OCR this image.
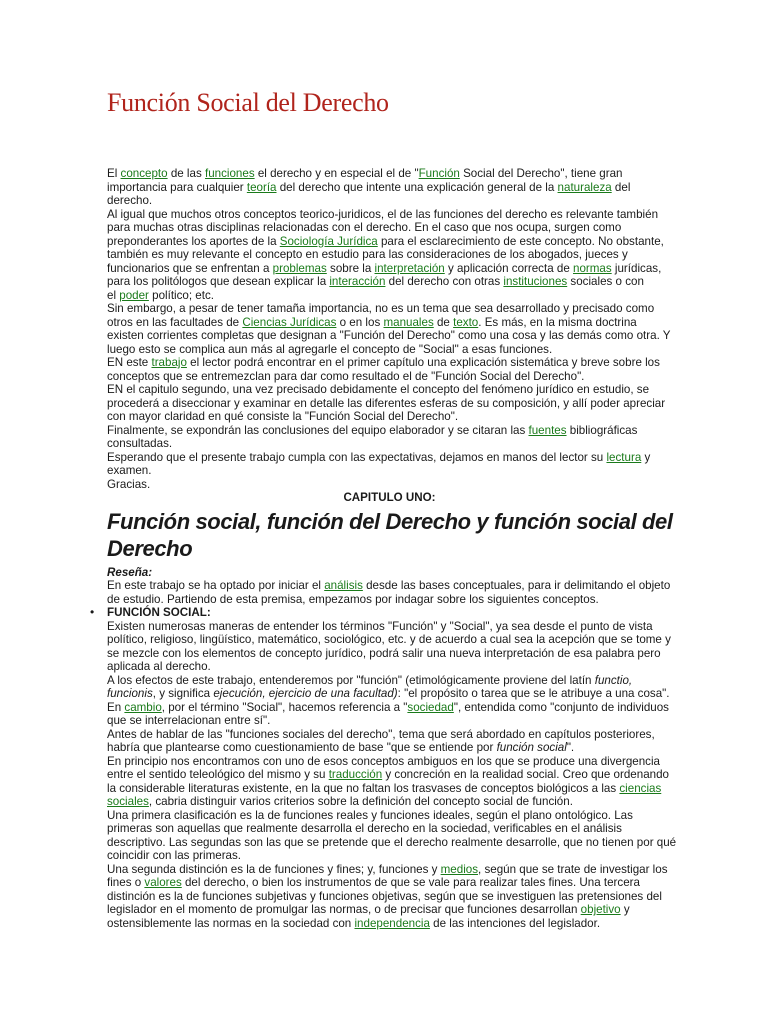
Función Social del Derecho
El concepto de las funciones el derecho y en especial el de "Función Social del Derecho", tiene gran
importancia para cualquier teoría del derecho que intente una explicación general de la naturaleza del
derecho.
Al igual que muchos otros conceptos teorico-juridicos, el de las funciones del derecho es relevante también
para muchas otras disciplinas relacionadas con el derecho. En el caso que nos ocupa, surgen como
preponderantes los aportes de la Sociología Jurídica para el esclarecimiento de este concepto. No obstante,
también es muy relevante el concepto en estudio para las consideraciones de los abogados, jueces y
funcionarios que se enfrentan a problemas sobre la interpretación y aplicación correcta de normas jurídicas,
para los politólogos que desean explicar la interacción del derecho con otras instituciones sociales o con
el poder político; etc.
Sin embargo, a pesar de tener tamaña importancia, no es un tema que sea desarrollado y precisado como
otros en las facultades de Ciencias Jurídicas o en los manuales de texto. Es más, en la misma doctrina
existen corrientes completas que designan a "Función del Derecho" como una cosa y las demás como otra. Y
luego esto se complica aun más al agregarle el concepto de "Social" a esas funciones.
EN este trabajo el lector podrá encontrar en el primer capítulo una explicación sistemática y breve sobre los
conceptos que se entremezclan para dar como resultado el de "Función Social del Derecho".
EN el capitulo segundo, una vez precisado debidamente el concepto del fenómeno jurídico en estudio, se
procederá a diseccionar y examinar en detalle las diferentes esferas de su composición, y allí poder apreciar
con mayor claridad en qué consiste la "Función Social del Derecho".
Finalmente, se expondrán las conclusiones del equipo elaborador y se citaran las fuentes bibliográficas
consultadas.
Esperando que el presente trabajo cumpla con las expectativas, dejamos en manos del lector su lectura y
examen.
Gracias.
CAPITULO UNO:
Función social, función del Derecho y función social del
Derecho
Reseña:
En este trabajo se ha optado por iniciar el análisis desde las bases conceptuales, para ir delimitando el objeto
de estudio. Partiendo de esta premisa, empezamos por indagar sobre los siguientes conceptos.
• FUNCIÓN SOCIAL:
Existen numerosas maneras de entender los términos "Función" y "Social", ya sea desde el punto de vista
político, religioso, lingüístico, matemático, sociológico, etc. y de acuerdo a cual sea la acepción que se tome y
se mezcle con los elementos de concepto jurídico, podrá salir una nueva interpretación de esa palabra pero
aplicada al derecho.
A los efectos de este trabajo, entenderemos por "función" (etimológicamente proviene del latín functio,
funcionis, y significa ejecución, ejercicio de una facultad): "el propósito o tarea que se le atribuye a una cosa".
En cambio, por el término "Social", hacemos referencia a "sociedad", entendida como "conjunto de individuos
que se interrelacionan entre sí".
Antes de hablar de las "funciones sociales del derecho", tema que será abordado en capítulos posteriores,
habría que plantearse como cuestionamiento de base "que se entiende por función social".
En principio nos encontramos con uno de esos conceptos ambiguos en los que se produce una divergencia
entre el sentido teleológico del mismo y su traducción y concreción en la realidad social. Creo que ordenando
la considerable literaturas existente, en la que no faltan los trasvases de conceptos biológicos a las ciencias
sociales, cabria distinguir varios criterios sobre la definición del concepto social de función.
Una primera clasificación es la de funciones reales y funciones ideales, según el plano ontológico. Las
primeras son aquellas que realmente desarrolla el derecho en la sociedad, verificables en el análisis
descriptivo. Las segundas son las que se pretende que el derecho realmente desarrolle, que no tienen por qué
coincidir con las primeras.
Una segunda distinción es la de funciones y fines; y, funciones y medios, según que se trate de investigar los
fines o valores del derecho, o bien los instrumentos de que se vale para realizar tales fines. Una tercera
distinción es la de funciones subjetivas y funciones objetivas, según que se investiguen las pretensiones del
legislador en el momento de promulgar las normas, o de precisar que funciones desarrollan objetivo y
ostensiblemente las normas en la sociedad con independencia de las intenciones del legislador.
